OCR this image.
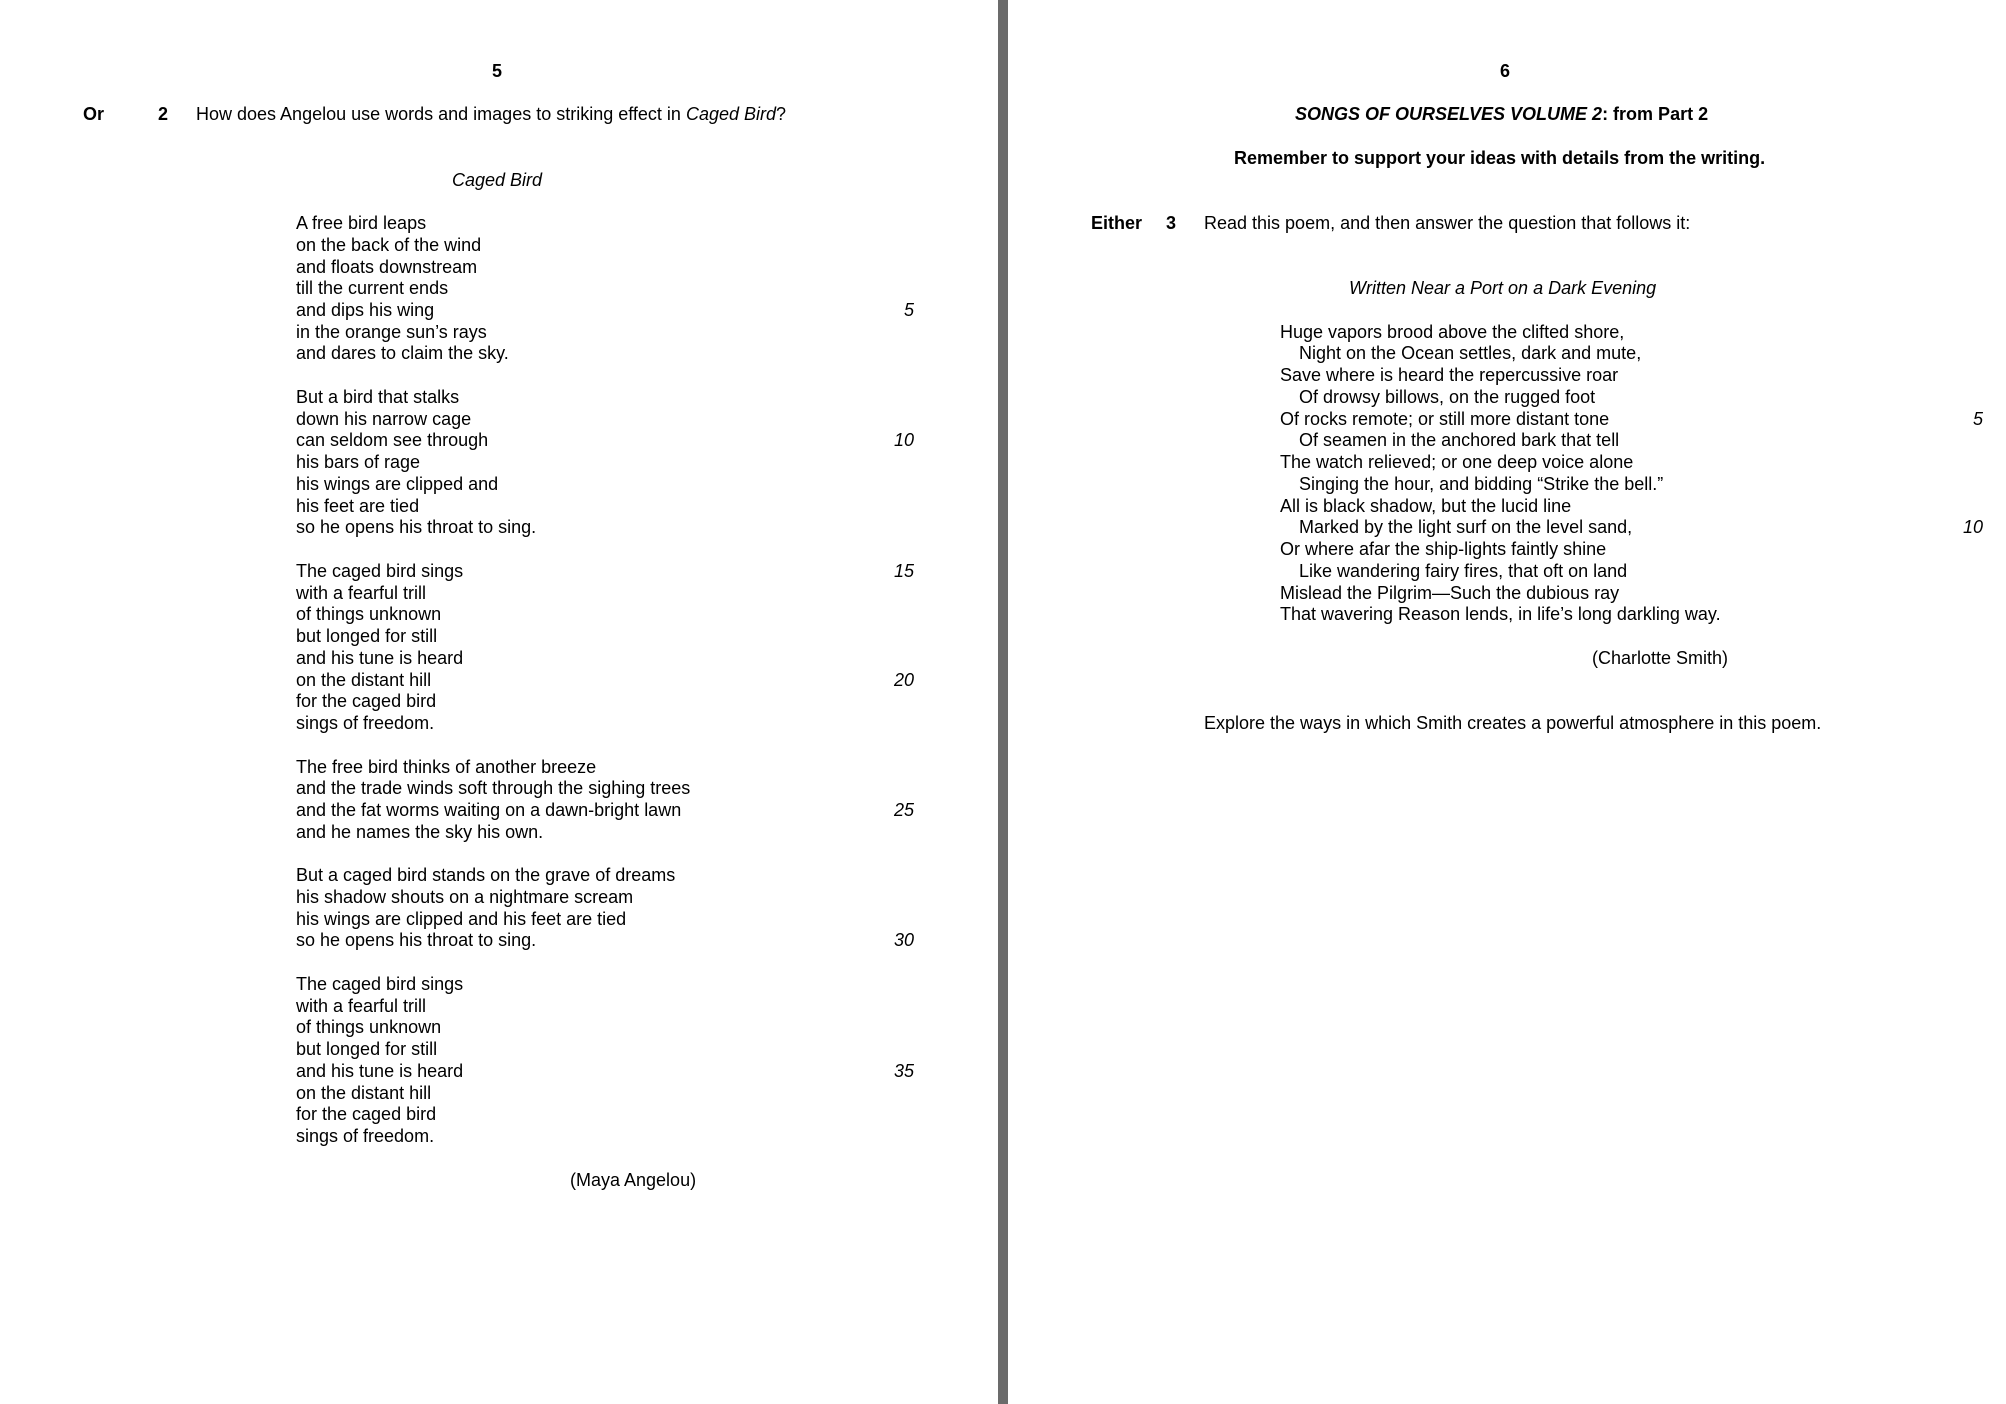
5
Or	2 How does Angelou use words and images to striking effect in Caged Bird?
Caged Bird
A free bird leaps
on the back of the wind
and floats downstream
till the current ends
and dips his wing
in the orange sun’s rays
and dares to claim the sky.
But a bird that stalks
down his narrow cage
can seldom see through
his bars of rage
his wings are clipped and
his feet are tied
so he opens his throat to sing.
The caged bird sings
with a fearful trill
of things unknown
but longed for still
and his tune is heard
on the distant hill
for the caged bird
sings of freedom.
The free bird thinks of another breeze
and the trade winds soft through the sighing trees
and the fat worms waiting on a dawn-bright lawn
and he names the sky his own.
But a caged bird stands on the grave of dreams
his shadow shouts on a nightmare scream
his wings are clipped and his feet are tied
so he opens his throat to sing.
The caged bird sings
with a fearful trill
of things unknown
but longed for still
and his tune is heard
on the distant hill
for the caged bird
sings of freedom.
5
10
15
20
25
30
35
(Maya Angelou)
6
SONGS OF OURSELVES VOLUME 2: from Part 2
Remember to support your ideas with details from the writing.
Either 3 Read this poem, and then answer the question that follows it:
Written Near a Port on a Dark Evening
Huge vapors brood above the clifted shore,
Night on the Ocean settles, dark and mute,
Save where is heard the repercussive roar
Of drowsy billows, on the rugged foot
Of rocks remote; or still more distant tone
Of seamen in the anchored bark that tell
The watch relieved; or one deep voice alone
Singing the hour, and bidding “Strike the bell.”
All is black shadow, but the lucid line
Marked by the light surf on the level sand,
Or where afar the ship-lights faintly shine
Like wandering fairy fires, that oft on land
Mislead the Pilgrim—Such the dubious ray
That wavering Reason lends, in life’s long darkling way.
5
10
(Charlotte Smith)
Explore the ways in which Smith creates a powerful atmosphere in this poem.
